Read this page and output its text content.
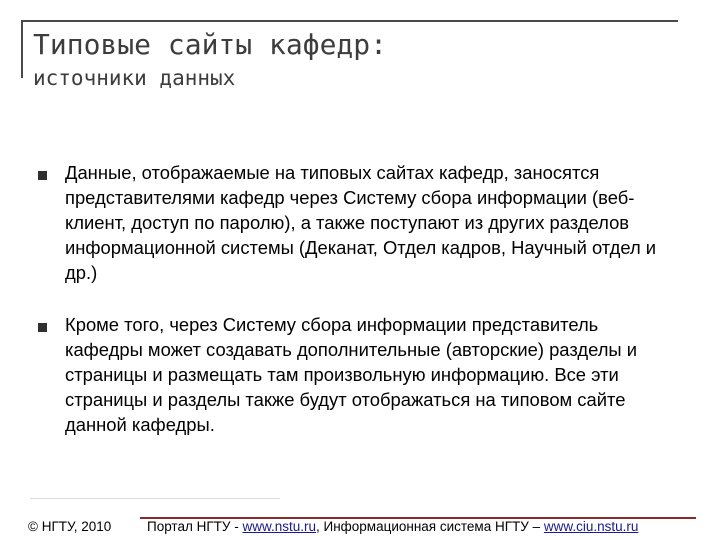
Типовые сайты кафедр:
источники данных
Данные, отображаемые на типовых сайтах кафедр, заносятся представителями кафедр через Систему сбора информации (веб-клиент, доступ по паролю), а также поступают из других разделов информационной системы (Деканат, Отдел кадров, Научный отдел и др.)
Кроме того, через Систему сбора информации представитель кафедры может создавать дополнительные (авторские) разделы и страницы и размещать там произвольную информацию. Все эти страницы и разделы также будут отображаться на типовом сайте данной кафедры.
© НГТУ, 2010	Портал НГТУ - www.nstu.ru, Информационная система НГТУ – www.ciu.nstu.ru
